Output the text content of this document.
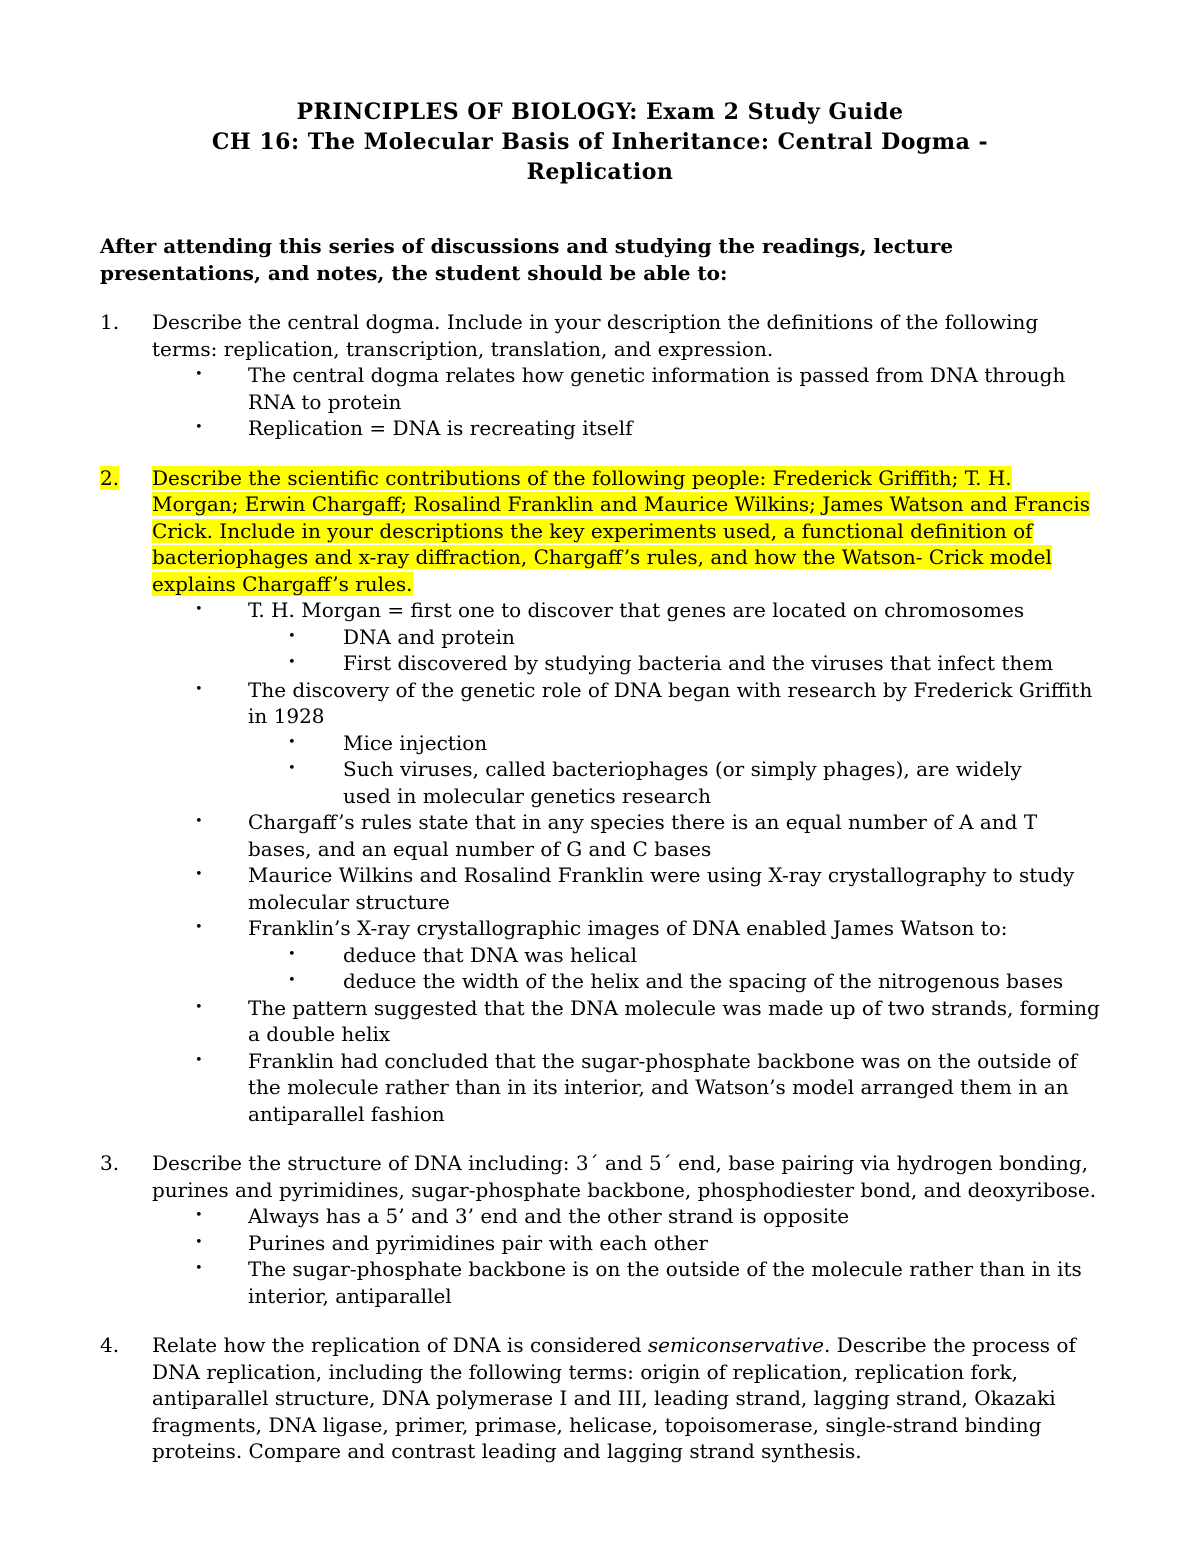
PRINCIPLES OF BIOLOGY: Exam 2 Study Guide
CH 16: The Molecular Basis of Inheritance: Central Dogma - Replication
After attending this series of discussions and studying the readings, lecture presentations, and notes, the student should be able to:
1.	Describe the central dogma. Include in your description the definitions of the following terms: replication, transcription, translation, and expression.
•	The central dogma relates how genetic information is passed from DNA through RNA to protein
•	Replication = DNA is recreating itself
2.	Describe the scientific contributions of the following people: Frederick Griffith; T. H. Morgan; Erwin Chargaff; Rosalind Franklin and Maurice Wilkins; James Watson and Francis Crick. Include in your descriptions the key experiments used, a functional definition of bacteriophages and x-ray diffraction, Chargaff’s rules, and how the Watson- Crick model explains Chargaff’s rules.
•	T. H. Morgan = first one to discover that genes are located on chromosomes
•	DNA and protein
•	First discovered by studying bacteria and the viruses that infect them
•	The discovery of the genetic role of DNA began with research by Frederick Griffith in 1928
•	Mice injection
•	Such viruses, called bacteriophages (or simply phages), are widely used in molecular genetics research
•	Chargaff’s rules state that in any species there is an equal number of A and T bases, and an equal number of G and C bases
•	Maurice Wilkins and Rosalind Franklin were using X-ray crystallography to study molecular structure
•	Franklin’s X-ray crystallographic images of DNA enabled James Watson to:
•	deduce that DNA was helical
•	deduce the width of the helix and the spacing of the nitrogenous bases
•	The pattern suggested that the DNA molecule was made up of two strands, forming a double helix
•	Franklin had concluded that the sugar-phosphate backbone was on the outside of the molecule rather than in its interior, and Watson’s model arranged them in an antiparallel fashion
3.	Describe the structure of DNA including: 3´ and 5´ end, base pairing via hydrogen bonding, purines and pyrimidines, sugar-phosphate backbone, phosphodiester bond, and deoxyribose.
•	Always has a 5’ and 3’ end and the other strand is opposite
•	Purines and pyrimidines pair with each other
•	The sugar-phosphate backbone is on the outside of the molecule rather than in its interior, antiparallel
4.	Relate how the replication of DNA is considered semiconservative. Describe the process of DNA replication, including the following terms: origin of replication, replication fork, antiparallel structure, DNA polymerase I and III, leading strand, lagging strand, Okazaki fragments, DNA ligase, primer, primase, helicase, topoisomerase, single-strand binding proteins. Compare and contrast leading and lagging strand synthesis.
